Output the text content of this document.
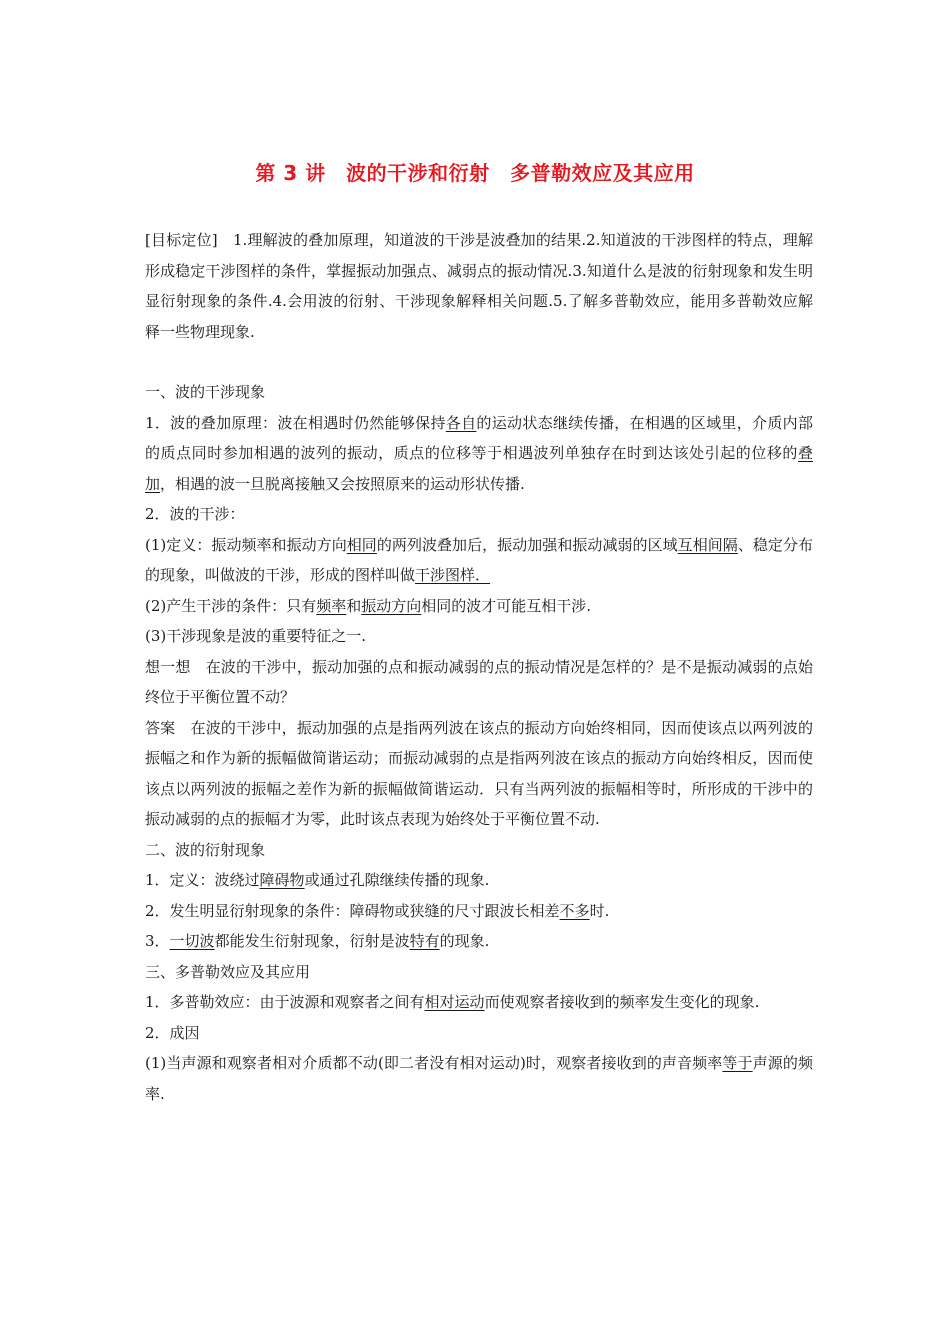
第 3 讲　波的干涉和衍射　多普勒效应及其应用

[目标定位]　1.理解波的叠加原理，知道波的干涉是波叠加的结果.2.知道波的干涉图样的特点，理解形成稳定干涉图样的条件，掌握振动加强点、减弱点的振动情况.3.知道什么是波的衍射现象和发生明显衍射现象的条件.4.会用波的衍射、干涉现象解释相关问题.5.了解多普勒效应，能用多普勒效应解释一些物理现象.

一、波的干涉现象

1．波的叠加原理：波在相遇时仍然能够保持各自的运动状态继续传播，在相遇的区域里，介质内部的质点同时参加相遇的波列的振动，质点的位移等于相遇波列单独存在时到达该处引起的位移的叠加，相遇的波一旦脱离接触又会按照原来的运动形状传播.

2．波的干涉：

(1)定义：振动频率和振动方向相同的两列波叠加后，振动加强和振动减弱的区域互相间隔、稳定分布的现象，叫做波的干涉，形成的图样叫做干涉图样．

(2)产生干涉的条件：只有频率和振动方向相同的波才可能互相干涉.

(3)干涉现象是波的重要特征之一.

想一想　在波的干涉中，振动加强的点和振动减弱的点的振动情况是怎样的？是不是振动减弱的点始终位于平衡位置不动？

答案　在波的干涉中，振动加强的点是指两列波在该点的振动方向始终相同，因而使该点以两列波的振幅之和作为新的振幅做简谐运动；而振动减弱的点是指两列波在该点的振动方向始终相反，因而使该点以两列波的振幅之差作为新的振幅做简谐运动．只有当两列波的振幅相等时，所形成的干涉中的振动减弱的点的振幅才为零，此时该点表现为始终处于平衡位置不动.

二、波的衍射现象

1．定义：波绕过障碍物或通过孔隙继续传播的现象.

2．发生明显衍射现象的条件：障碍物或狭缝的尺寸跟波长相差不多时.

3．一切波都能发生衍射现象，衍射是波特有的现象.

三、多普勒效应及其应用

1．多普勒效应：由于波源和观察者之间有相对运动而使观察者接收到的频率发生变化的现象.

2．成因

(1)当声源和观察者相对介质都不动(即二者没有相对运动)时，观察者接收到的声音频率等于声源的频率.
